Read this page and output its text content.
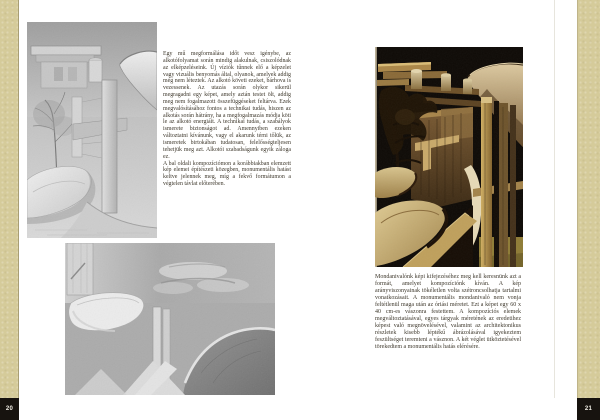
20	21

Egy mű megformálása időt vesz igénybe, az alkotófolyamat során mindig alakulnak, csiszolódnak az elképzeléseink. Új víziók tűnnek elő a képzelet vagy vizuális benyomás által, olyanok, amelyek addig még nem léteztek. Az alkotó követi ezeket, bárhova is vezessenek. Az utazás során olykor sikerül megragadni egy képet, amely aztán testet ölt, addig meg nem fogalmazott összefüggéseket feltárva. Ezek megvalósításához fontos a technikai tudás, hiszen az alkotás során hátrány, ha a megfogalmazás módja köti le az alkotó energiáit. A technikai tudás, a szabályok ismerete biztonságot ad. Amennyiben ezeken változtatni kívánunk, vagy el akarunk térni tőlük, az ismeretek birtokában tudatosan, felelősségteljesen tehetjük meg azt. Alkotói szabadságunk egyik záloga ez.

A bal oldali kompozíciómon a korábbiakban elemzett kép elemei építészeti közegben, monumentális hatást keltve jelennek meg, míg a fekvő formátumon a végtelen távlat előterében.

Mondanivalónk képi kifejezéséhez meg kell keresnünk azt a formát, amelyet kompozíciónk kíván. A kép arányviszonyainak tökéletlen volta szétroncsolhatja tartalmi vonatkozásait. A monumentális mondanivaló nem vonja feltétlenül maga után az óriási méretet. Ezt a képet egy 60 x 40 cm-es vászonra festettem. A kompozíciós elemek megváltoztatásával, egyes tárgyak méretének az eredetihez képest való megnövelésével, valamint az architektonikus részletek kisebb léptékű ábrázolásával igyekeztem feszültséget teremteni a vásznon. A két véglet ütköztetésével törekedtem a monumentális hatás elérésére.
